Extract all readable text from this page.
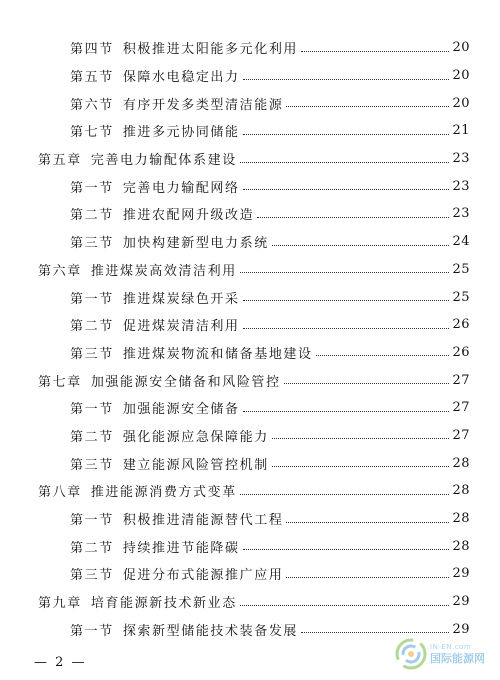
第四节 积极推进太阳能多元化利用	20
第五节 保障水电稳定出力	20
第六节 有序开发多类型清洁能源	20
第七节 推进多元协同储能	21
第五章 完善电力输配体系建设	23
第一节 完善电力输配网络	23
第二节 推进农配网升级改造	23
第三节 加快构建新型电力系统	24
第六章 推进煤炭高效清洁利用	25
第一节 推进煤炭绿色开采	25
第二节 促进煤炭清洁利用	26
第三节 推进煤炭物流和储备基地建设	26
第七章 加强能源安全储备和风险管控	27
第一节 加强能源安全储备	27
第二节 强化能源应急保障能力	27
第三节 建立能源风险管控机制	28
第八章 推进能源消费方式变革	28
第一节 积极推进清能源替代工程	28
第二节 持续推进节能降碳	28
第三节 促进分布式能源推广应用	29
第九章 培育能源新技术新业态	29
第一节 探索新型储能技术装备发展	29
— 2 —
IN-EN.com
国际能源网
